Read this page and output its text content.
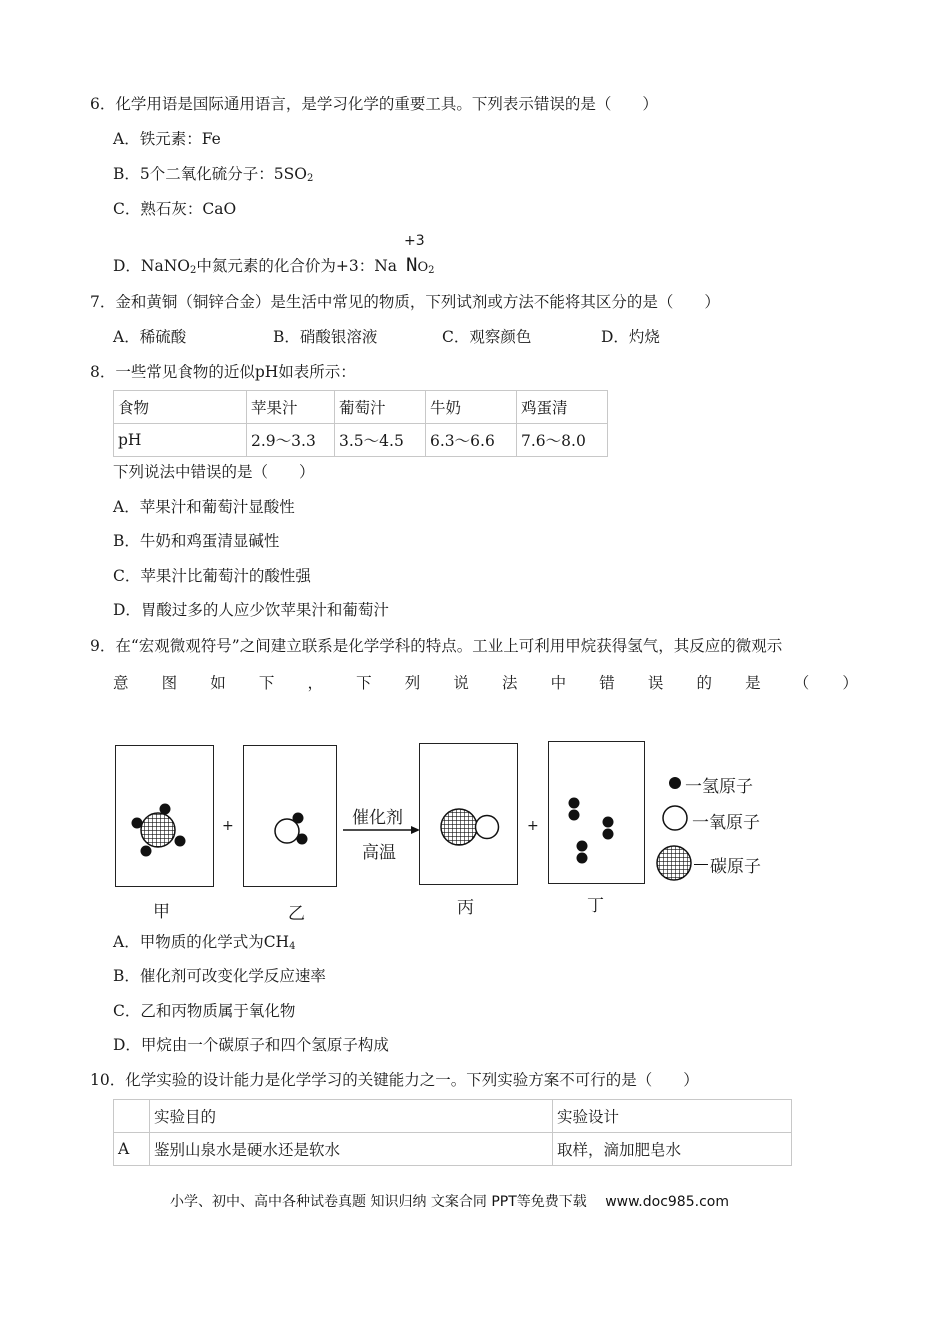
6．化学用语是国际通用语言，是学习化学的重要工具。下列表示错误的是（　　）
A．铁元素：Fe
B．5个二氧化硫分子：$5SO_2$
C．熟石灰：CaO
D．NaNO$_2$中氮元素的化合价为+3：Na
+3
$NO_2$
7．金和黄铜（铜锌合金）是生活中常见的物质，下列试剂或方法不能将其区分的是（　　）
A．稀硫酸	B．硝酸银溶液	C．观察颜色	D．灼烧
8．一些常见食物的近似pH如表所示：
食物	苹果汁	葡萄汁	牛奶	鸡蛋清
pH	2.9～3.3	3.5～4.5	6.3～6.6	7.6～8.0
下列说法中错误的是（　　）
A．苹果汁和葡萄汁显酸性
B．牛奶和鸡蛋清显碱性
C．苹果汁比葡萄汁的酸性强
D．胃酸过多的人应少饮苹果汁和葡萄汁
9．在“宏观微观符号”之间建立联系是化学学科的特点。工业上可利用甲烷获得氢气，其反应的微观示
意 图 如 下 ， 下 列 说 法 中 错 误 的 是 （ ）
+	催化剂
高温
+
甲	乙	丙	丁
一氢原子
一氧原子
碳原子
A．甲物质的化学式为$CH_4$
B．催化剂可改变化学反应速率
C．乙和丙物质属于氧化物
D．甲烷由一个碳原子和四个氢原子构成
10．化学实验的设计能力是化学学习的关键能力之一。下列实验方案不可行的是（　　）
	实验目的	实验设计
A	鉴别山泉水是硬水还是软水	取样，滴加肥皂水
小学、初中、高中各种试卷真题 知识归纳 文案合同 PPT等免费下载　 www.doc985.com
